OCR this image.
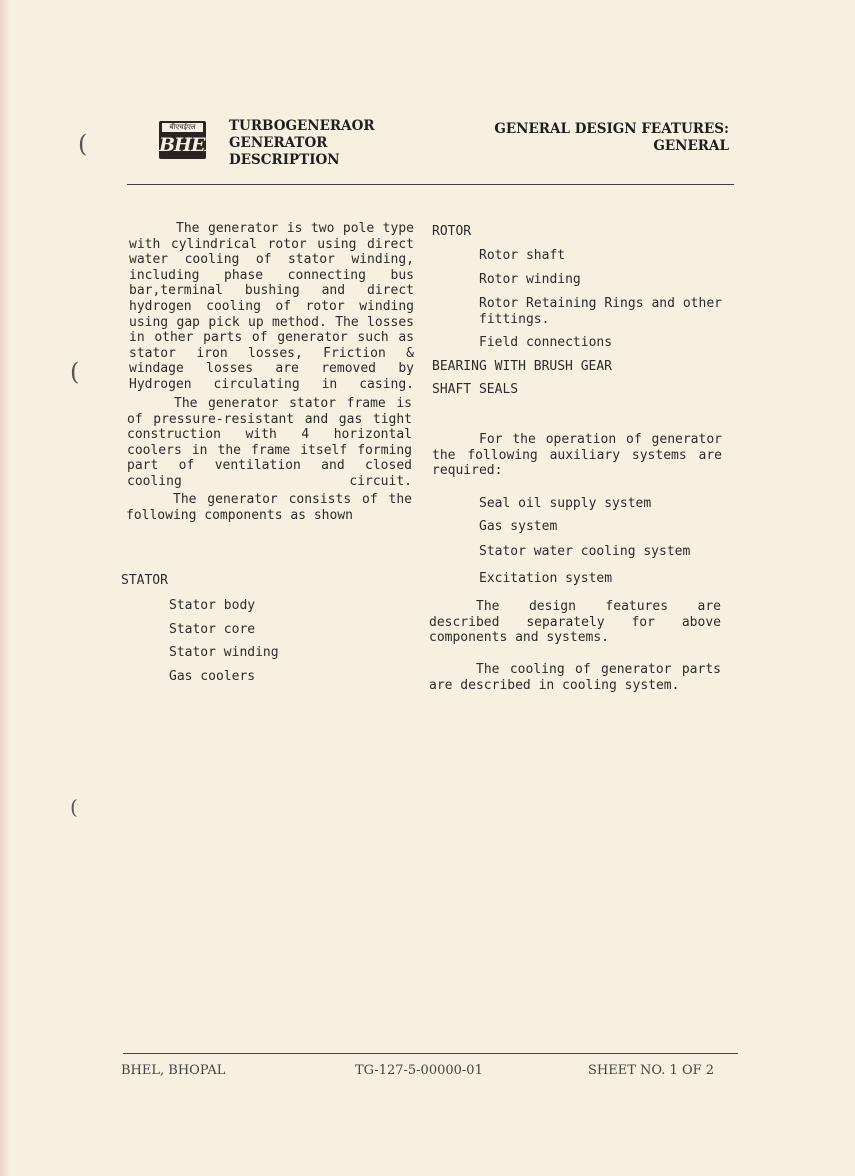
(
(
(
बीएचईएल
BHEL
TURBOGENERAOR
GENERATOR
DESCRIPTION
GENERAL DESIGN FEATURES:
GENERAL
The generator is two pole type with cylindrical rotor using direct water cooling of stator winding, including phase connecting bus bar,terminal bushing and direct hydrogen cooling of rotor winding using gap pick up method. The losses in other parts of generator such as stator iron losses, Friction & windage losses are removed by Hydrogen circulating in casing.
The generator stator frame is of pressure-resistant and gas tight construction with 4 horizontal coolers in the frame itself forming part of ventilation and closed cooling circuit.
The generator consists of the following components as shown
STATOR
Stator body
Stator core
Stator winding
Gas coolers
ROTOR
Rotor shaft
Rotor winding
Rotor Retaining Rings and other fittings.
Field connections
BEARING WITH BRUSH GEAR
SHAFT SEALS
For the operation of generator the following auxiliary systems are required:
Seal oil supply system
Gas system
Stator water cooling system
Excitation system
The design features are described separately for above components and systems.
The cooling of generator parts are described in cooling system.
BHEL, BHOPAL	TG-127-5-00000-01	SHEET NO. 1 OF 2
